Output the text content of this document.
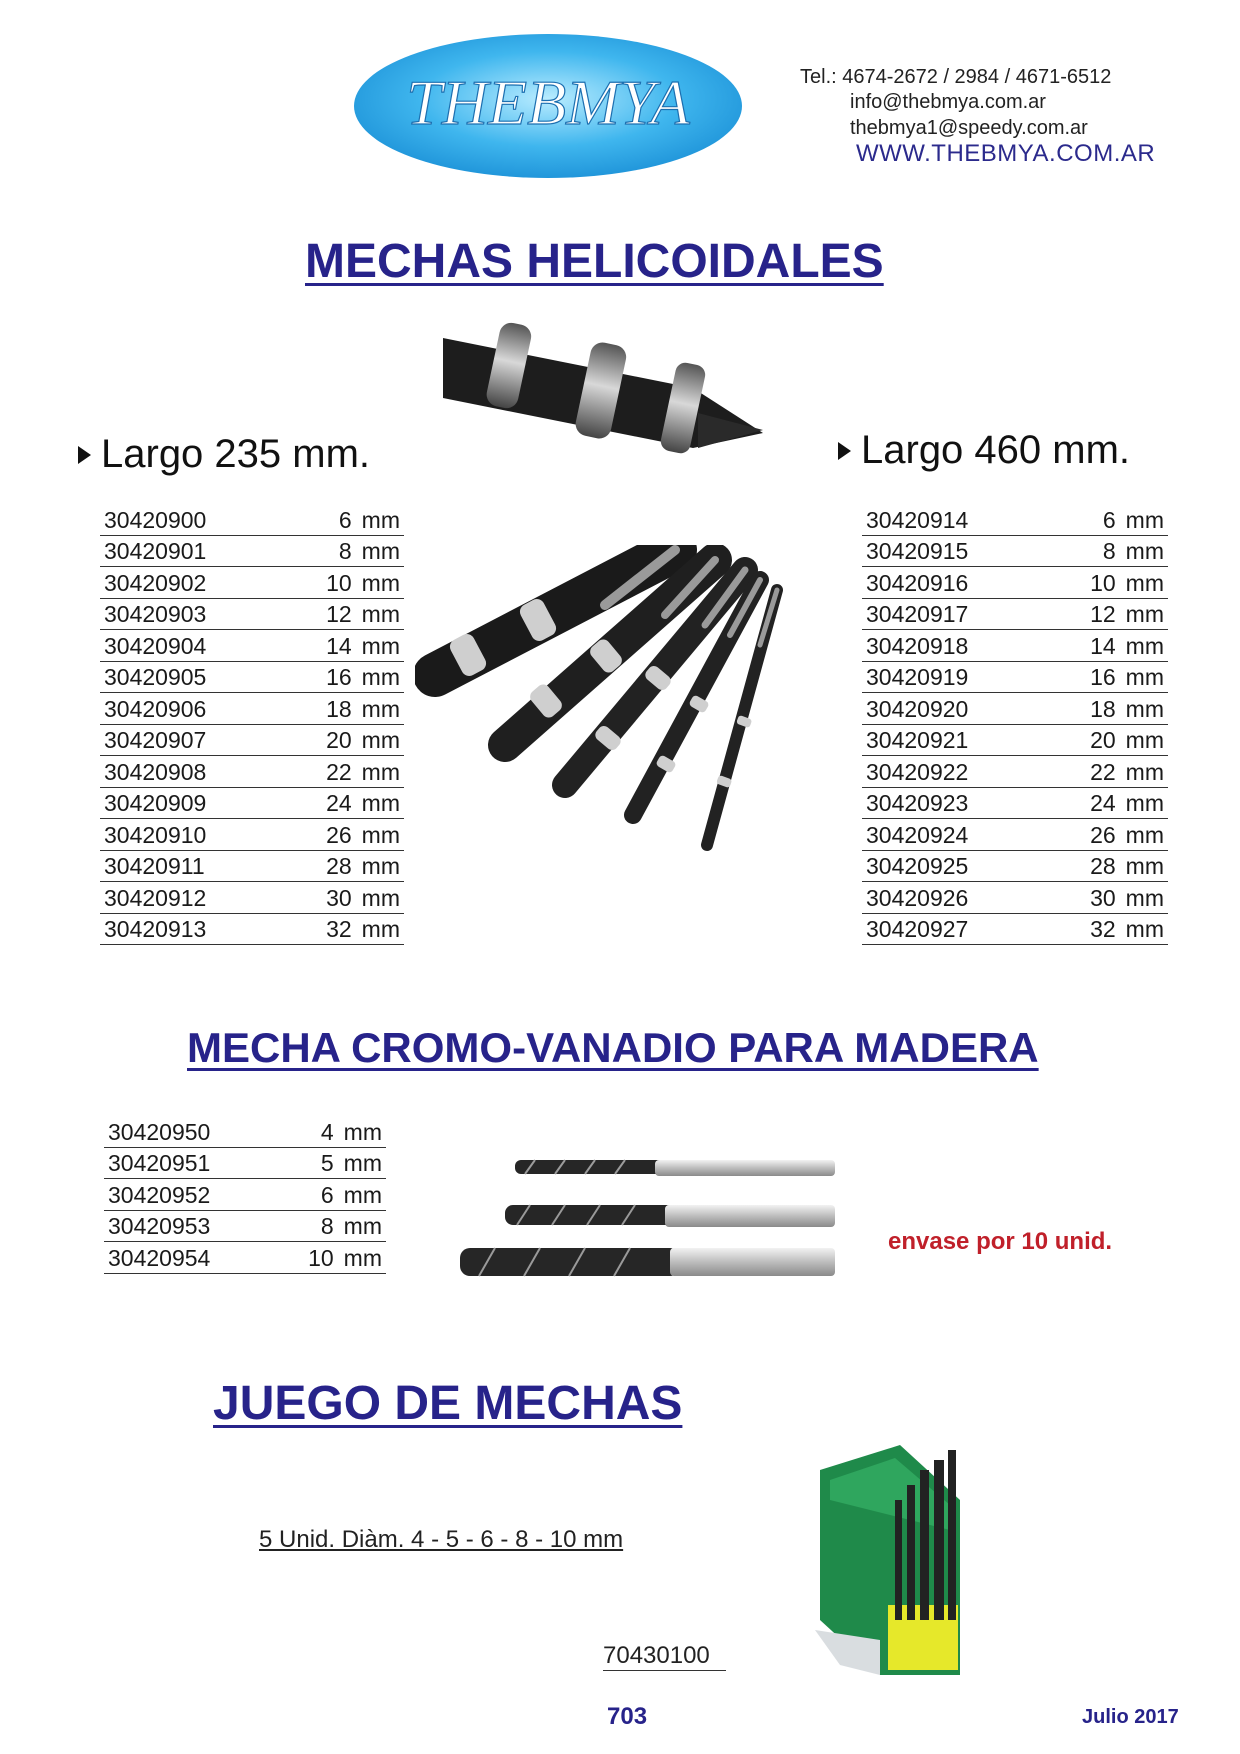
THEBMYA	Tel.: 4674-2672 / 2984 / 4671-6512
info@thebmya.com.ar
thebmya1@speedy.com.ar
WWW.THEBMYA.COM.AR
MECHAS HELICOIDALES
Largo 235 mm.	Largo 460 mm.
30420900	6 mm
30420901	8 mm
30420902	10 mm
30420903	12 mm
30420904	14 mm
30420905	16 mm
30420906	18 mm
30420907	20 mm
30420908	22 mm
30420909	24 mm
30420910	26 mm
30420911	28 mm
30420912	30 mm
30420913	32 mm
30420914	6 mm
30420915	8 mm
30420916	10 mm
30420917	12 mm
30420918	14 mm
30420919	16 mm
30420920	18 mm
30420921	20 mm
30420922	22 mm
30420923	24 mm
30420924	26 mm
30420925	28 mm
30420926	30 mm
30420927	32 mm
MECHA CROMO-VANADIO PARA MADERA
30420950	4 mm
30420951	5 mm
30420952	6 mm
30420953	8 mm
30420954	10 mm
envase por 10 unid.
JUEGO DE MECHAS
5 Unid. Diàm. 4 - 5 - 6 - 8 - 10 mm
70430100
703	Julio 2017
